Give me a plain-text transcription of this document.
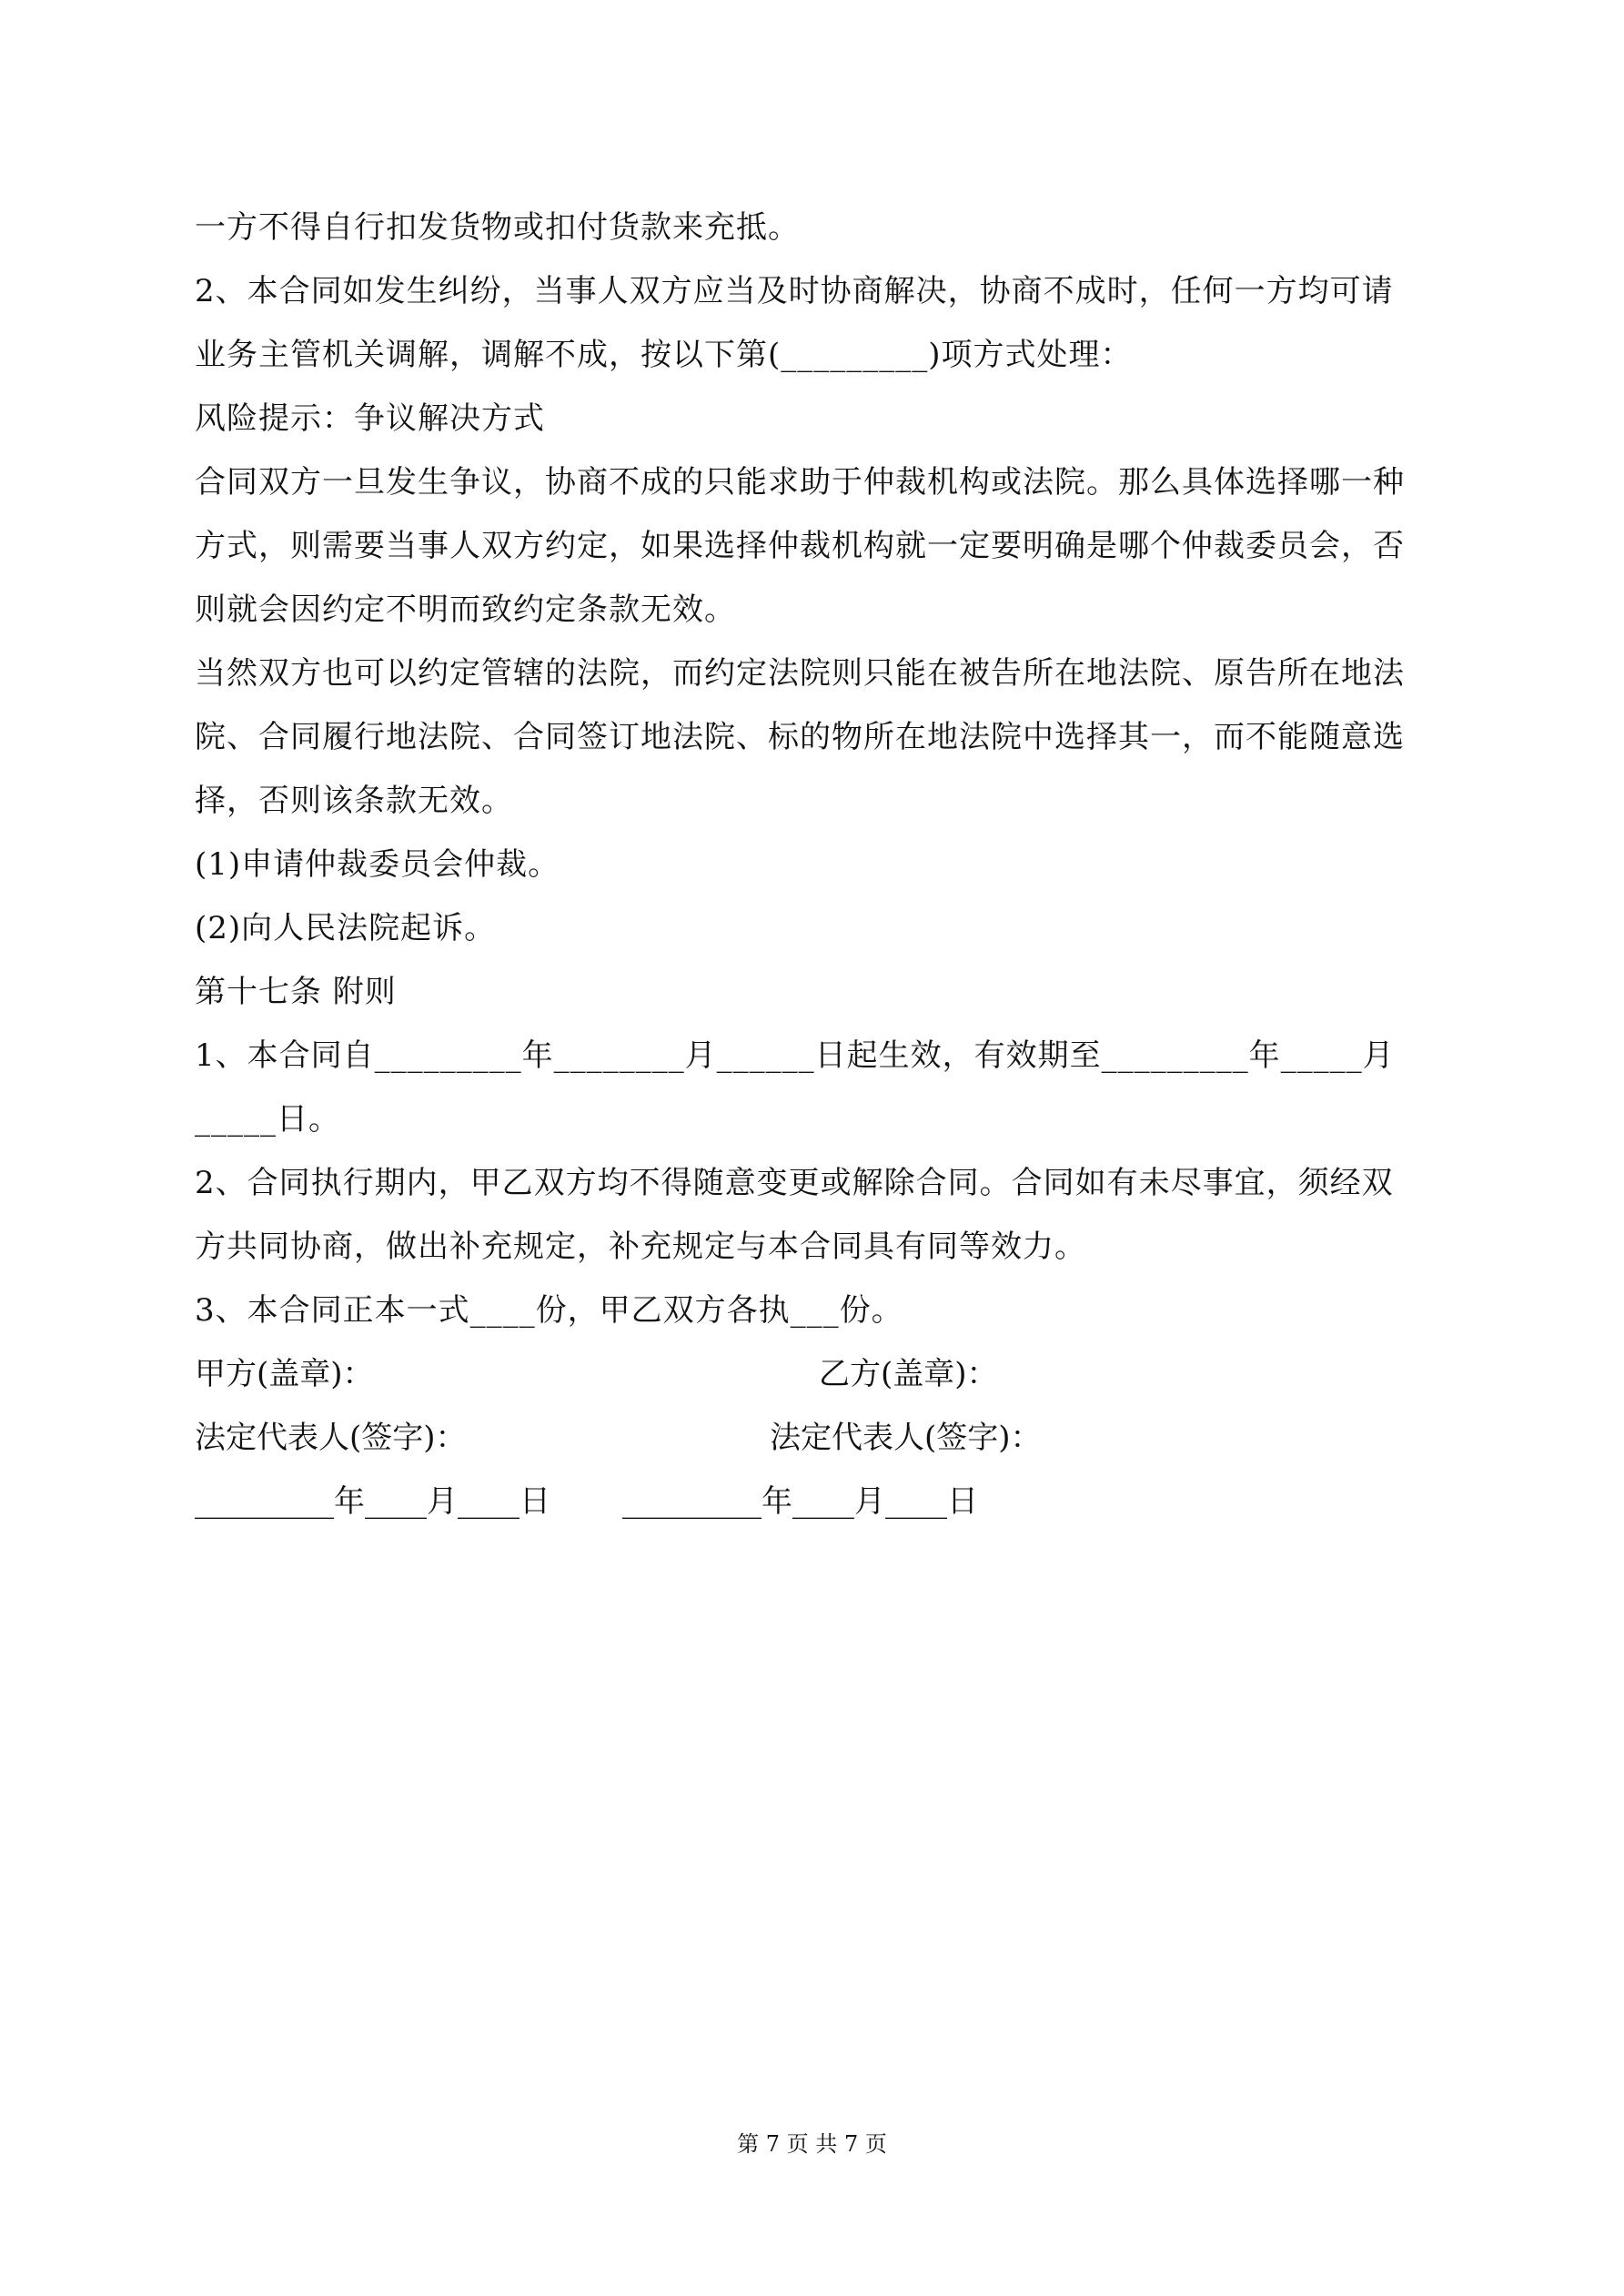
一方不得自行扣发货物或扣付货款来充抵。
2、本合同如发生纠纷，当事人双方应当及时协商解决，协商不成时，任何一方均可请
业务主管机关调解，调解不成，按以下第(_________)项方式处理：
风险提示：争议解决方式
合同双方一旦发生争议，协商不成的只能求助于仲裁机构或法院。那么具体选择哪一种
方式，则需要当事人双方约定，如果选择仲裁机构就一定要明确是哪个仲裁委员会，否
则就会因约定不明而致约定条款无效。
当然双方也可以约定管辖的法院，而约定法院则只能在被告所在地法院、原告所在地法
院、合同履行地法院、合同签订地法院、标的物所在地法院中选择其一，而不能随意选
择，否则该条款无效。
(1)申请仲裁委员会仲裁。
(2)向人民法院起诉。
第十七条 附则
1、本合同自_________年________月______日起生效，有效期至_________年_____月
_____日。
2、合同执行期内，甲乙双方均不得随意变更或解除合同。合同如有未尽事宜，须经双
方共同协商，做出补充规定，补充规定与本合同具有同等效力。
3、本合同正本一式____份，甲乙双方各执___份。
甲方(盖章)：	乙方(盖章)：
法定代表人(签字)：	法定代表人(签字)：
_________年____月____日 _________年____月____日
第 7 页 共 7 页
